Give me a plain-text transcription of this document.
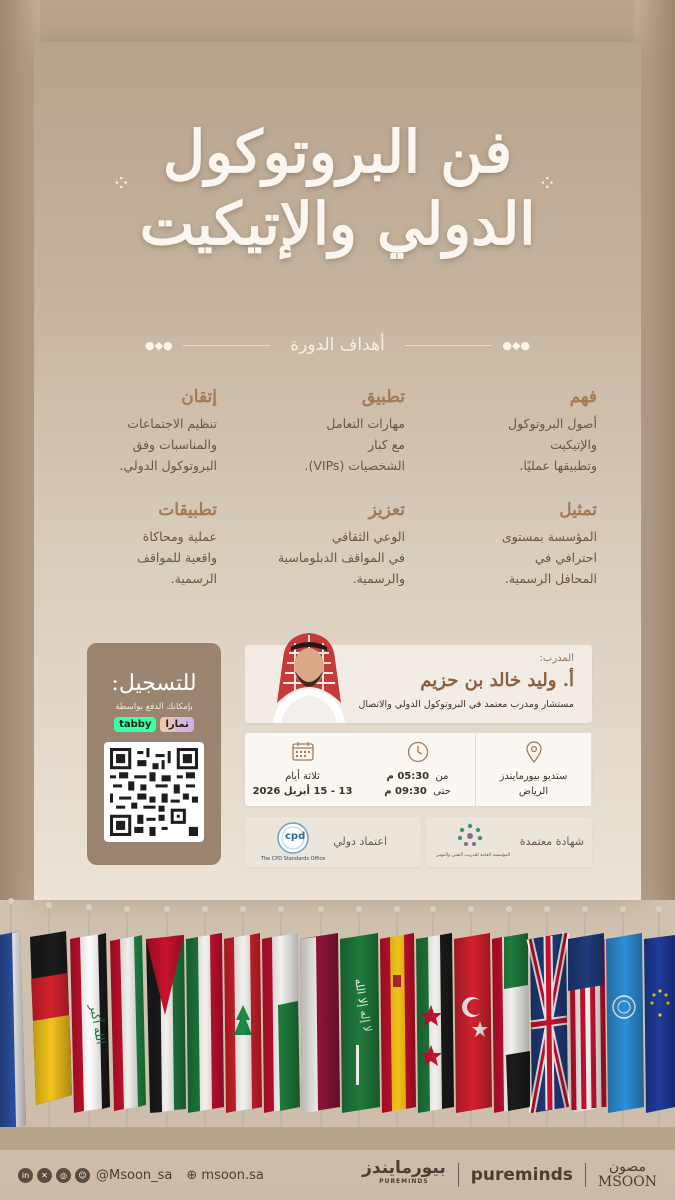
فن البروتوكول
الدولي والإتيكيت
⁘	⁘
●◆●	أهداف الدورة	●◆●
فهم
أصول البروتوكول
والإتيكيت
وتطبيقها عمليًا.
تطبيق
مهارات التعامل
مع كبار
الشخصيات (VIPs).
إتقان
تنظيم الاجتماعات
والمناسبات وفق
البروتوكول الدولي.
تمثيل
المؤسسة بمستوى
احترافي في
المحافل الرسمية.
تعزيز
الوعي الثقافي
في المواقف الدبلوماسية
والرسمية.
تطبيقات
عملية ومحاكاة
واقعية للمواقف
الرسمية.
للتسجيل:
بإمكانك الدفع بواسطة
tabby	تمارا
المدرب:
أ. وليد خالد بن حزيم
مستشار ومدرب معتمد في البروتوكول الدولي والاتصال
ثلاثة أيام
13 - 15 أبريل 2026
من  05:30 م
حتى  09:30 م
ستديو بيورمايندز
الرياض
المؤسسة العامة للتدريب التقني والمهني
شهادة معتمدة
cpd
The CPD Standards Office
اعتماد دولي
in	✕	◎	☺ @Msoon_sa ⊕ msoon.sa	بيورمايندز
PUREMINDS	pureminds	مصون
MSOON
